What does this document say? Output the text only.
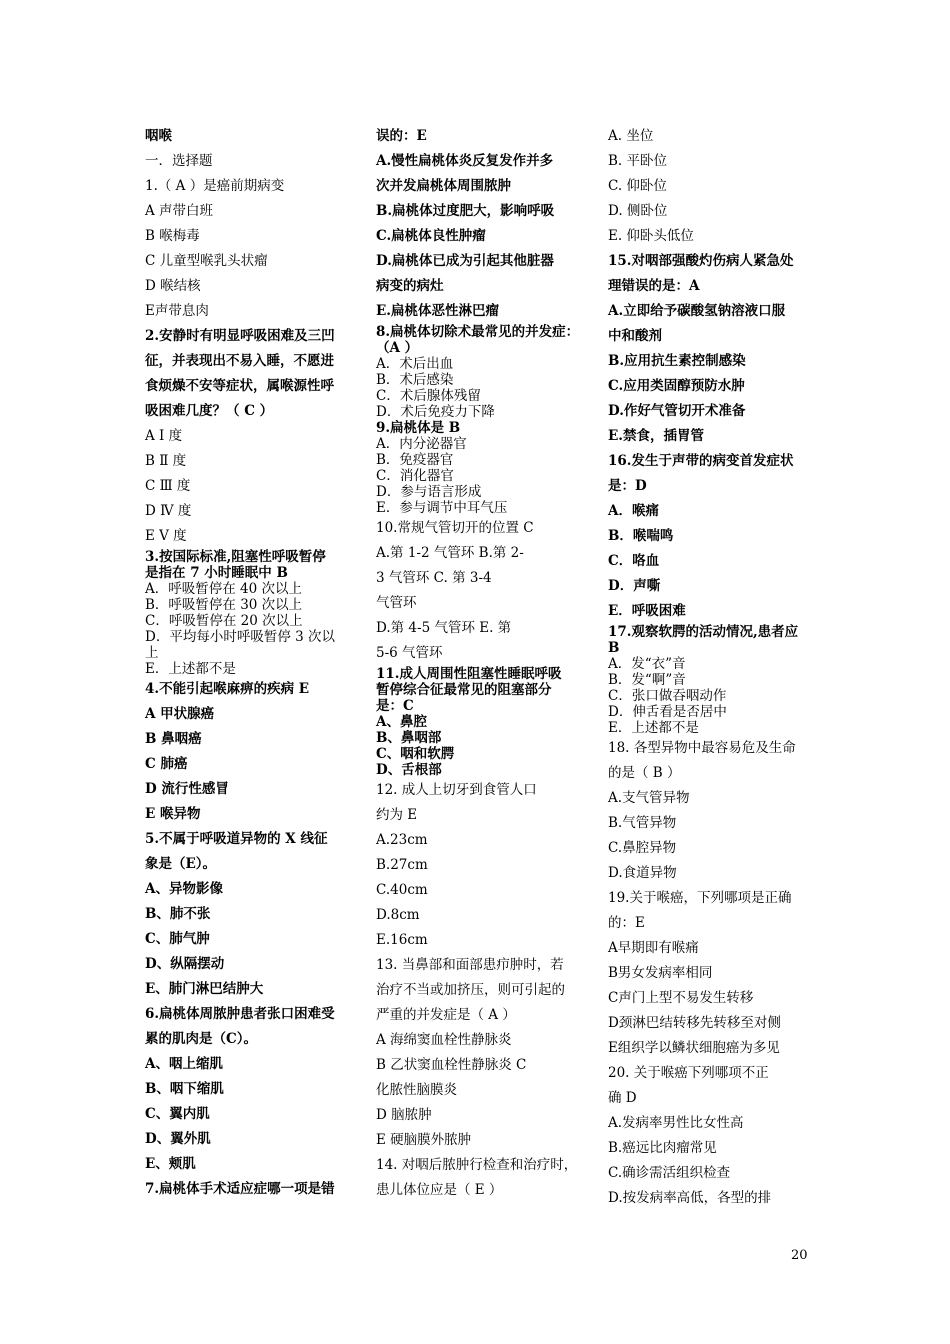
咽喉
一．选择题
1.（ A ）是癌前期病变
A 声带白班
B 喉梅毒
C 儿童型喉乳头状瘤
D 喉结核
E声带息肉
2.安静时有明显呼吸困难及三凹
征，并表现出不易入睡，不愿进
食烦燥不安等症状，属喉源性呼
吸困难几度？（ C ）
A Ⅰ 度
B Ⅱ 度
C Ⅲ 度
D Ⅳ 度
E Ⅴ 度
3.按国际标准,阻塞性呼吸暂停
是指在 7 小时睡眠中 B
A．呼吸暂停在 40 次以上
B．呼吸暂停在 30 次以上
C．呼吸暂停在 20 次以上
D．平均每小时呼吸暂停 3 次以
上
E．上述都不是
4.不能引起喉麻痹的疾病 E
A 甲状腺癌
B 鼻咽癌
C 肺癌
D 流行性感冒
E 喉异物
5.不属于呼吸道异物的 X 线征
象是（E）。
A、异物影像
B、肺不张
C、肺气肿
D、纵隔摆动
E、肺门淋巴结肿大
6.扁桃体周脓肿患者张口困难受
累的肌肉是（C）。
A、咽上缩肌
B、咽下缩肌
C、翼内肌
D、翼外肌
E、颊肌
7.扁桃体手术适应症哪一项是错
误的：E
A.慢性扁桃体炎反复发作并多
次并发扁桃体周围脓肿
B.扁桃体过度肥大，影响呼吸
C.扁桃体良性肿瘤
D.扁桃体已成为引起其他脏器
病变的病灶
E.扁桃体恶性淋巴瘤
8.扁桃体切除术最常见的并发症：
（A ）
A．术后出血
B．术后感染
C．术后腺体残留
D．术后免疫力下降
9.扁桃体是 B
A．内分泌器官
B．免疫器官
C．消化器官
D．参与语言形成
E．参与调节中耳气压
10.常规气管切开的位置 C
A.第 1-2 气管环 B.第 2-
3 气管环 C. 第 3-4
气管环
D.第 4-5 气管环 E. 第
5-6 气管环
11.成人周围性阻塞性睡眠呼吸
暂停综合征最常见的阻塞部分
是：C
A、鼻腔
B、鼻咽部
C、咽和软腭
D、舌根部
12. 成人上切牙到食管人口
约为 E
A.23cm
B.27cm
C.40cm
D.8cm
E.16cm
13. 当鼻部和面部患疖肿时，若
治疗不当或加挤压，则可引起的
严重的并发症是（ A ）
A 海绵窦血栓性静脉炎
B 乙状窦血栓性静脉炎 C
化脓性脑膜炎
D 脑脓肿
E 硬脑膜外脓肿
14. 对咽后脓肿行检查和治疗时，
患儿体位应是（ E ）
A. 坐位
B. 平卧位
C. 仰卧位
D. 侧卧位
E. 仰卧头低位
15.对咽部强酸灼伤病人紧急处
理错误的是：A
A.立即给予碳酸氢钠溶液口服
中和酸剂
B.应用抗生素控制感染
C.应用类固醇预防水肿
D.作好气管切开术准备
E.禁食，插胃管
16.发生于声带的病变首发症状
是：D
A．喉痛
B．喉喘鸣
C．咯血
D．声嘶
E．呼吸困难
17.观察软腭的活动情况,患者应
B
A．发“衣”音
B．发“啊”音
C．张口做吞咽动作
D．伸舌看是否居中
E．上述都不是
18. 各型异物中最容易危及生命
的是（ B ）
A.支气管异物
B.气管异物
C.鼻腔异物
D.食道异物
19.关于喉癌，下列哪项是正确
的：E
A早期即有喉痛
B男女发病率相同
C声门上型不易发生转移
D颈淋巴结转移先转移至对侧
E组织学以鳞状细胞癌为多见
20. 关于喉癌下列哪项不正
确 D
A.发病率男性比女性高
B.癌远比肉瘤常见
C.确诊需活组织检查
D.按发病率高低，各型的排
20
